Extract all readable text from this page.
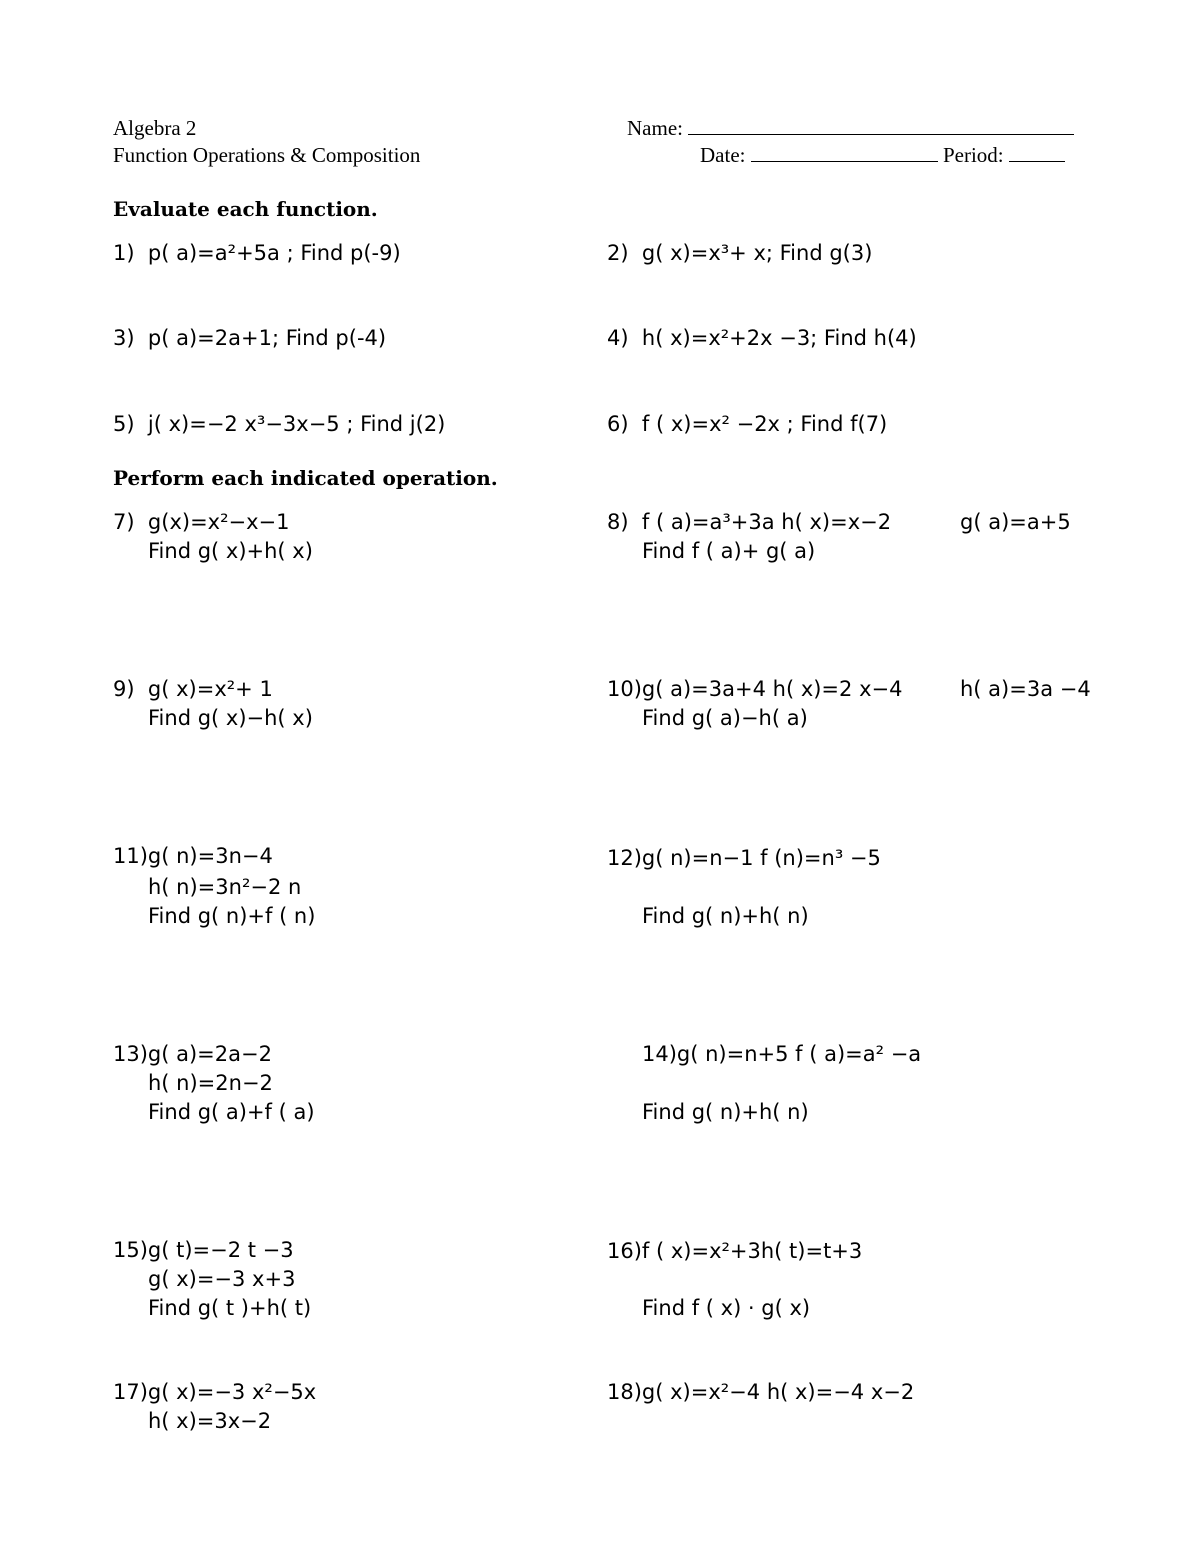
Algebra 2
Function Operations & Composition
Name:
Date:	Period:
Evaluate each function.
1) p( a)=a²+5a ; Find p(-9)	2) g( x)=x³+ x; Find g(3)
3) p( a)=2a+1; Find p(-4)	4) h( x)=x²+2x −3; Find h(4)
5) j( x)=−2 x³−3x−5 ; Find j(2)	6) f ( x)=x² −2x ; Find f(7)
Perform each indicated operation.
7) g(x)=x²−x−1
Find g( x)+h( x)
8) f ( a)=a³+3a h( x)=x−2	g( a)=a+5
Find f ( a)+ g( a)
9) g( x)=x²+ 1
Find g( x)−h( x)
10)g( a)=3a+4 h( x)=2 x−4	h( a)=3a −4
Find g( a)−h( a)
11)g( n)=3n−4
h( n)=3n²−2 n
Find g( n)+f ( n)
12)g( n)=n−1 f (n)=n³ −5
Find g( n)+h( n)
13)g( a)=2a−2
h( n)=2n−2
Find g( a)+f ( a)
14)g( n)=n+5 f ( a)=a² −a
Find g( n)+h( n)
15)g( t)=−2 t −3
g( x)=−3 x+3
Find g( t )+h( t)
16)f ( x)=x²+3h( t)=t+3
Find f ( x) ⋅ g( x)
17)g( x)=−3 x²−5x
h( x)=3x−2
18)g( x)=x²−4 h( x)=−4 x−2
